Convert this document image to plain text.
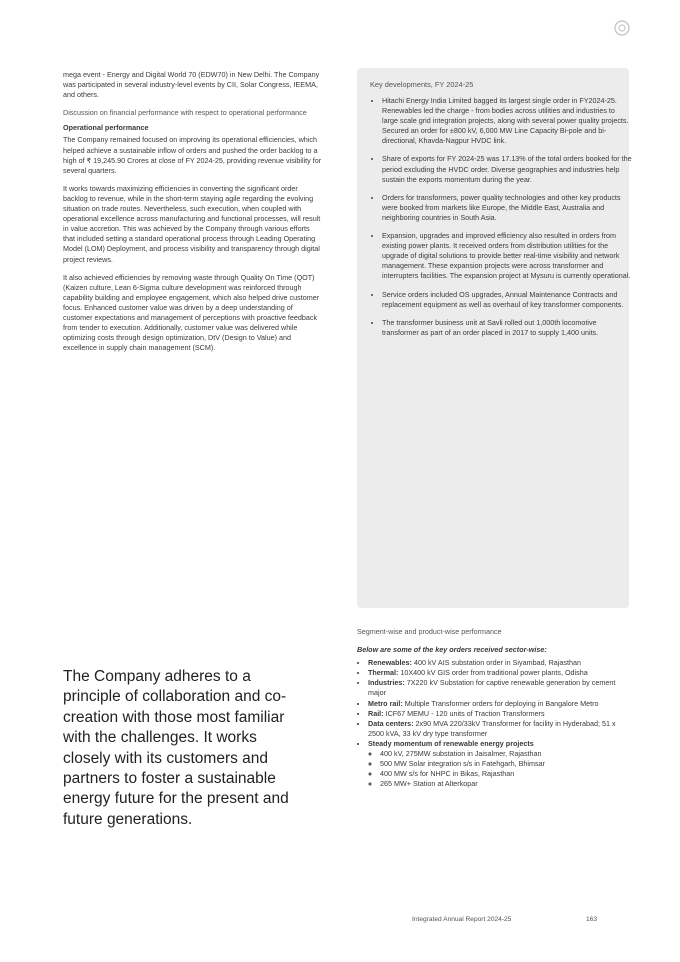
mega event - Energy and Digital World 70 (EDW70) in New Delhi. The Company was participated in several industry-level events by CII, Solar Congress, IEEMA, and others.

Discussion on financial performance with respect to operational performance

Operational performance

The Company remained focused on improving its operational efficiencies, which helped achieve a sustainable inflow of orders and pushed the order backlog to a high of ₹ 19,245.90 Crores at close of FY 2024-25, providing revenue visibility for several quarters.

It works towards maximizing efficiencies in converting the significant order backlog to revenue, while in the short-term staying agile regarding the evolving situation on trade routes. Nevertheless, such execution, when coupled with operational excellence across manufacturing and functional processes, will result in value accretion. This was achieved by the Company through various efforts that included setting a standard operational process through Leading Operating Model (LOM) Deployment, and process visibility and transparency through digital project reviews.

It also achieved efficiencies by removing waste through Quality On Time (QOT) (Kaizen culture, Lean 6-Sigma culture development was reinforced through capability building and employee engagement, which also helped drive customer focus. Enhanced customer value was driven by a deep understanding of customer expectations and management of perceptions with proactive feedback from tender to execution. Additionally, customer value was delivered while optimizing costs through design optimization, DtV (Design to Value) and excellence in supply chain management (SCM).

Key developments, FY 2024-25
• Hitachi Energy India Limited bagged its largest single order in FY2024-25. Renewables led the charge - from bodies across utilities and industries to large scale grid integration projects, along with several power quality projects. Secured an order for ±800 kV, 6,000 MW Line Capacity Bi-pole and bi-directional, Khavda-Nagpur HVDC link.
• Share of exports for FY 2024-25 was 17.13% of the total orders booked for the period excluding the HVDC order. Diverse geographies and industries help sustain the exports momentum during the year.
• Orders for transformers, power quality technologies and other key products were booked from markets like Europe, the Middle East, Australia and neighboring countries in South Asia.
• Expansion, upgrades and improved efficiency also resulted in orders from existing power plants. It received orders from distribution utilities for the upgrade of digital solutions to provide better real-time visibility and network management. These expansion projects were across transformer and interrupters facilities. The expansion project at Mysuru is currently operational.
• Service orders included OS upgrades, Annual Maintenance Contracts and replacement equipment as well as overhaul of key transformer components.
• The transformer business unit at Savli rolled out 1,000th locomotive transformer as part of an order placed in 2017 to supply 1,400 units.
The Company adheres to a principle of collaboration and co-creation with those most familiar with the challenges. It works closely with its customers and partners to foster a sustainable energy future for the present and future generations.
Segment-wise and product-wise performance
Below are some of the key orders received sector-wise:
• Renewables: 400 kV AIS substation order in Siyambad, Rajasthan
• Thermal: 10X400 kV GIS order from traditional power plants, Odisha
• Industries: 7X220 kV Substation for captive renewable generation by cement major
• Metro rail: Multiple Transformer orders for deploying in Bangalore Metro
• Rail: ICF67 MEMU - 120 units of Traction Transformers
• Data centers: 2x90 MVA 220/33kV Transformer for facility in Hyderabad; 51 x 2500 kVA, 33 kV dry type transformer
• Steady momentum of renewable energy projects
◦ 400 kV, 275MW substation in Jaisalmer, Rajasthan
◦ 500 MW Solar integration s/s in Fatehgarh, Bhimsar
◦ 400 MW s/s for NHPC in Bikas, Rajasthan
◦ 265 MW+ Station at Alterkopar
Integrated Annual Report 2024-25	163
